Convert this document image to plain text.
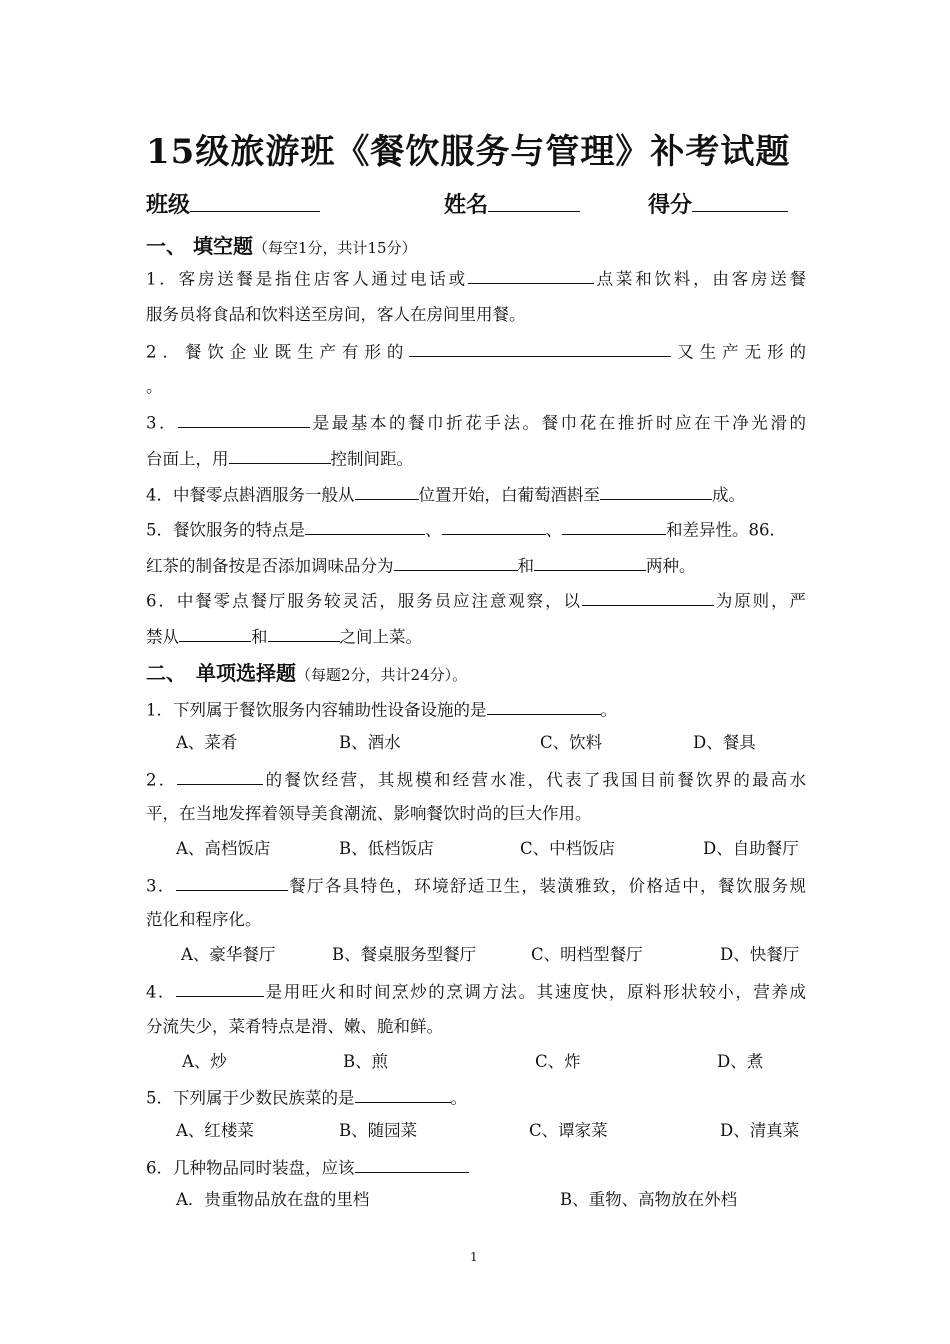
15级旅游班《餐饮服务与管理》补考试题
班级	姓名	得分
一、 填空题（每空1分，共计15分）
1．客房送餐是指住店客人通过电话或	点菜和饮料，由客房送餐
服务员将食品和饮料送至房间，客人在房间里用餐。
2．餐饮企业既生产有形的	又生产无形的
。
3．	是最基本的餐巾折花手法。餐巾花在推折时应在干净光滑的
台面上，用	控制间距。
4．中餐零点斟酒服务一般从	位置开始，白葡萄酒斟至	成。
5．餐饮服务的特点是	、	、	和差异性。86．
红茶的制备按是否添加调味品分为	和	两种。
6．中餐零点餐厅服务较灵活，服务员应注意观察，以	为原则，严
禁从	和	之间上菜。
二、　单项选择题（每题2分，共计24分）。
1．下列属于餐饮服务内容辅助性设备设施的是	。
A、菜肴	B、酒水	C、饮料	D、餐具
2．	的餐饮经营，其规模和经营水准，代表了我国目前餐饮界的最高水
平，在当地发挥着领导美食潮流、影响餐饮时尚的巨大作用。
A、高档饭店	B、低档饭店	C、中档饭店	D、自助餐厅
3．	餐厅各具特色，环境舒适卫生，装潢雅致，价格适中，餐饮服务规
范化和程序化。
A、豪华餐厅	B、餐桌服务型餐厅	C、明档型餐厅	D、快餐厅
4．	是用旺火和时间烹炒的烹调方法。其速度快，原料形状较小，营养成
分流失少，菜肴特点是滑、嫩、脆和鲜。
A、炒	B、煎	C、炸	D、煮
5．下列属于少数民族菜的是	。
A、红楼菜	B、随园菜	C、谭家菜	D、清真菜
6．几种物品同时装盘，应该
A．贵重物品放在盘的里档	B、重物、高物放在外档
1
